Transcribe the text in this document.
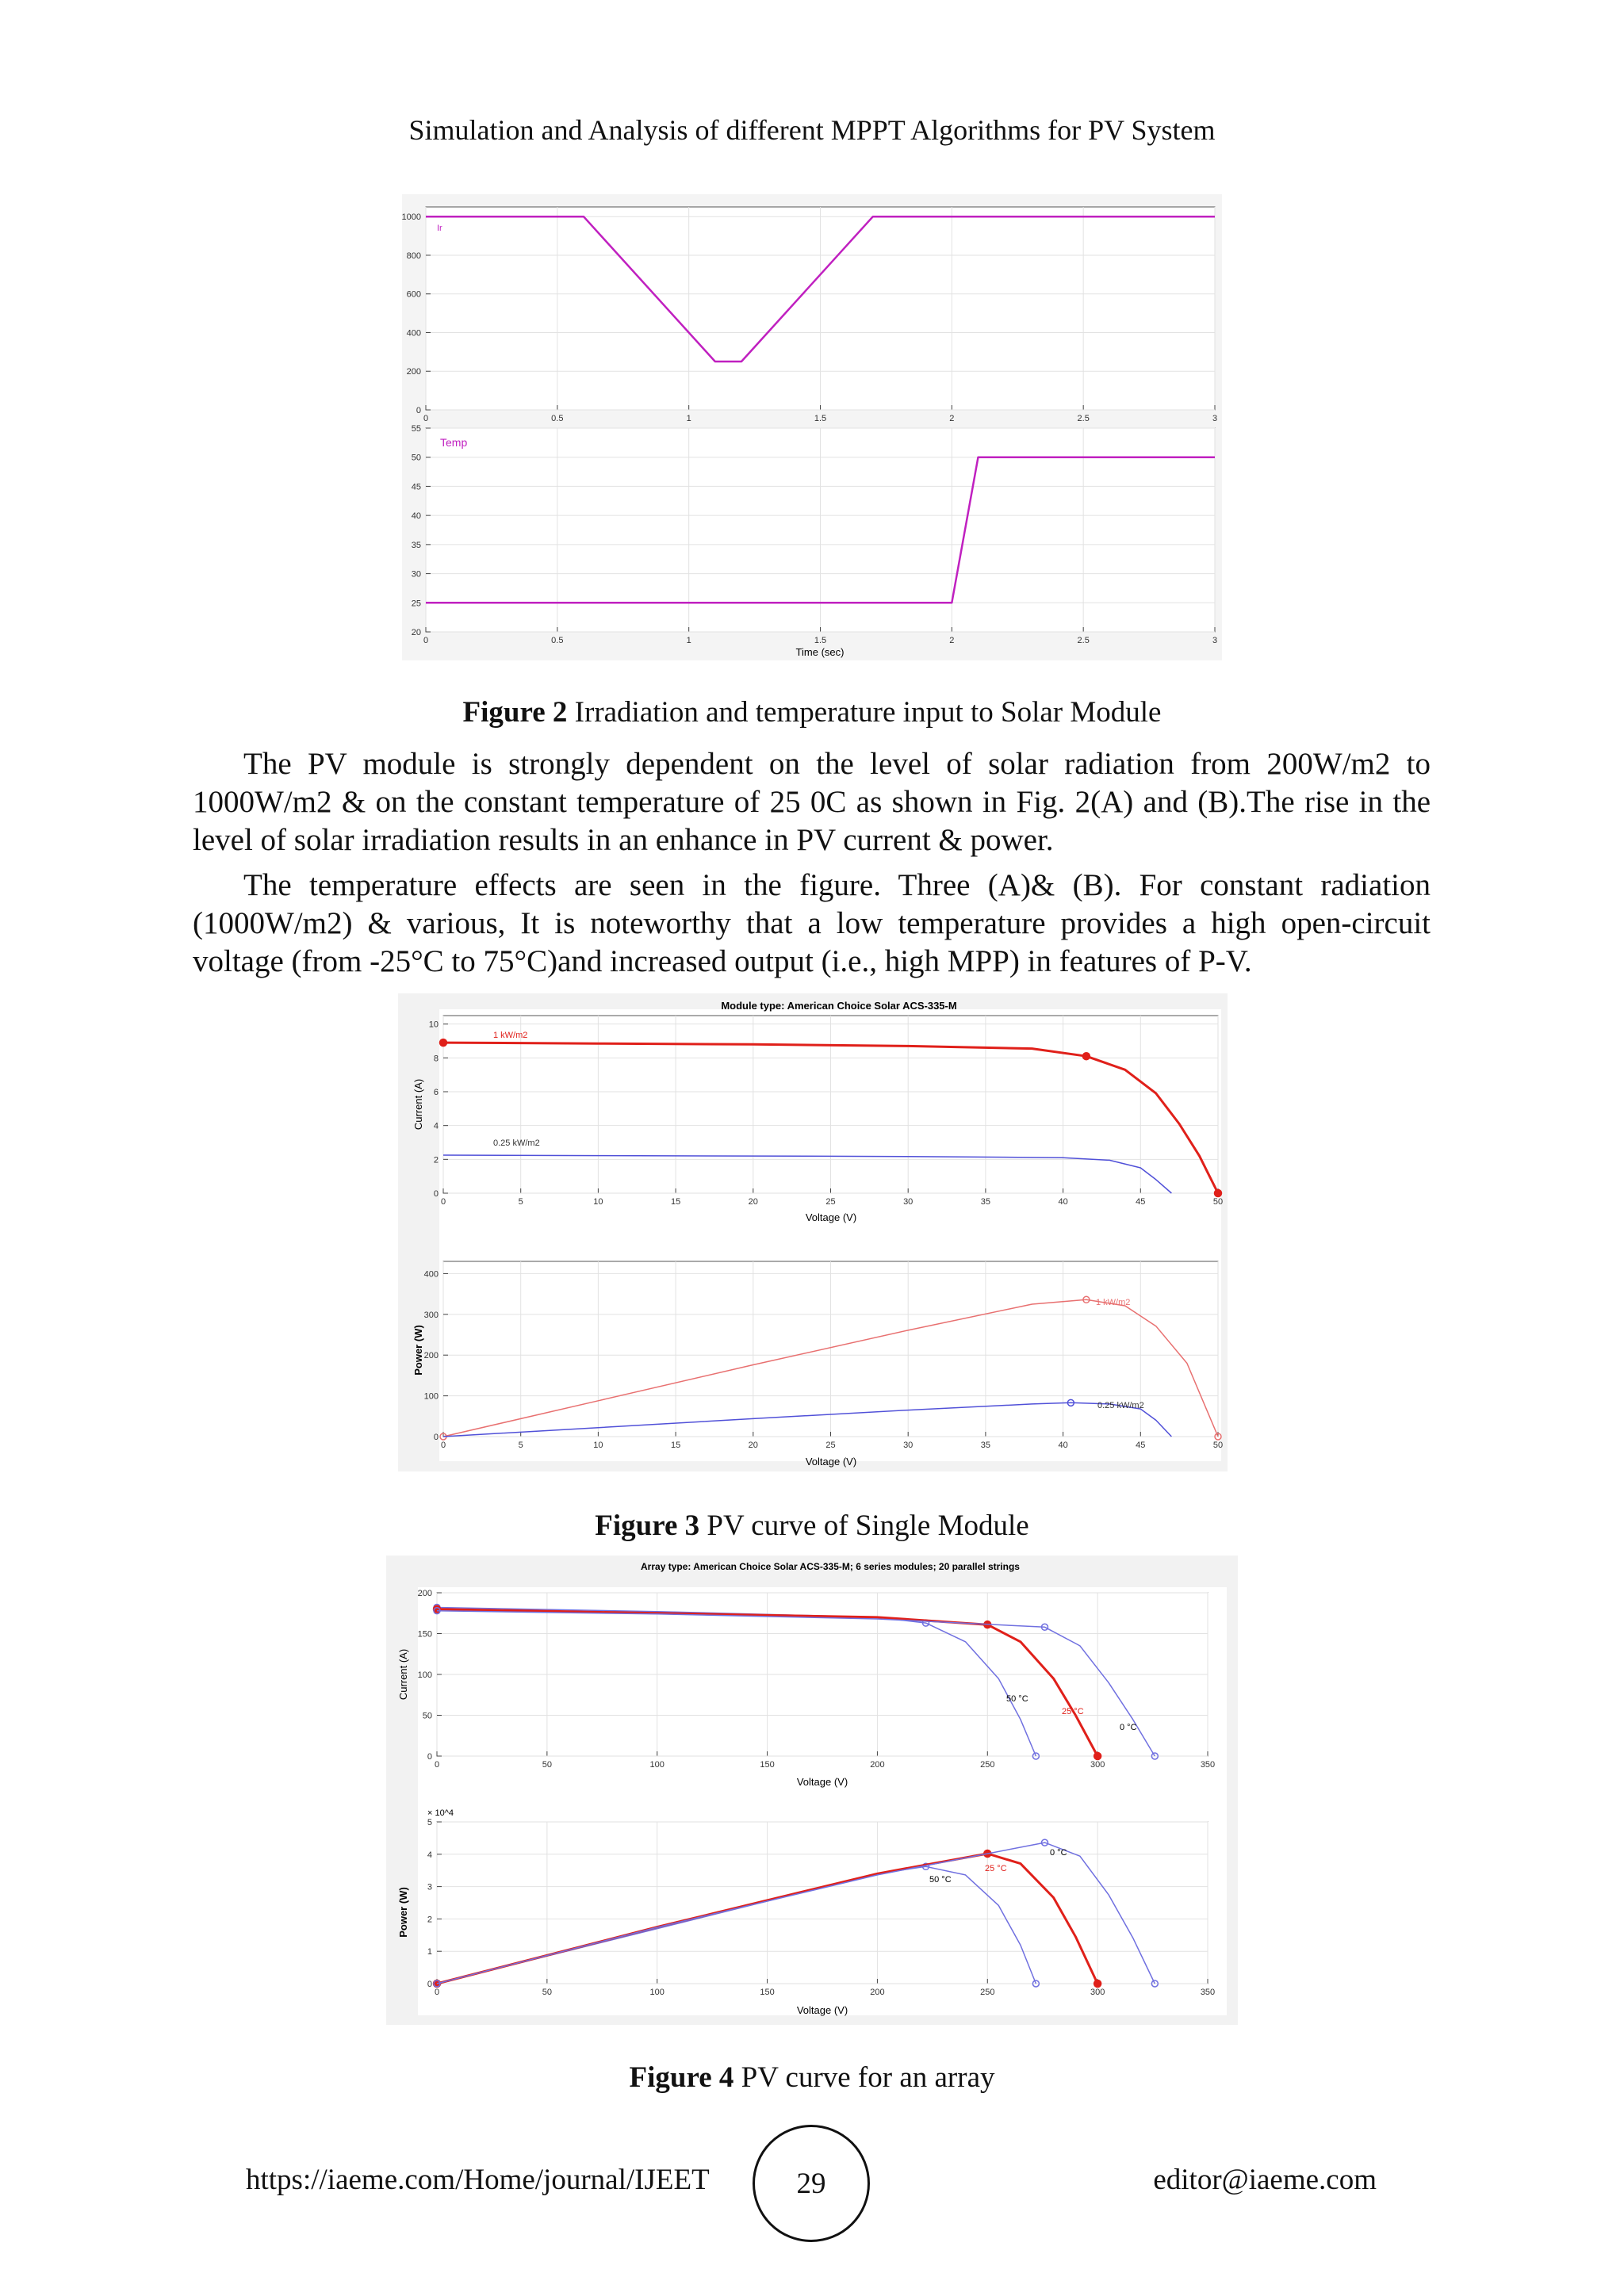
Simulation and Analysis of different MPPT Algorithms for PV System
0	0.5	1	1.5	2	2.5	3
0
200
400
600
800
1000
0	0.5	1	1.5	2	2.5	3
20
25
30
35
40
45
50
55
Ir
Temp
Time (sec)
Figure 2 Irradiation and temperature input to Solar Module

The PV module is strongly dependent on the level of solar radiation from 200W/m2 to 1000W/m2 & on the constant temperature of 25 0C as shown in Fig. 2(A) and (B).The rise in the level of solar irradiation results in an enhance in PV current & power.

The temperature effects are seen in the figure. Three (A)& (B). For constant radiation (1000W/m2) & various, It is noteworthy that a low temperature provides a high open-circuit voltage (from -25°C to 75°C)and increased output (i.e., high MPP) in features of P-V.

Module type: American Choice Solar ACS-335-M
0	5	10	15	20	25	30	35	40	45	50
0
2
4
6
8
10
0	5	10	15	20	25	30	35	40	45	50
0
100
200
300
400
Voltage (V)
Voltage (V)
Current (A)
Power (W)
1 kW/m2
0.25 kW/m2
1 kW/m2
0.25 kW/m2
Figure 3 PV curve of Single Module
Array type: American Choice Solar ACS-335-M; 6 series modules; 20 parallel strings
0	50	100	150	200	250	300	350
0
50
100
150
200
0	50	100	150	200	250	300	350
0
1
2
3
4
5
Voltage (V)
Voltage (V)
Current (A)
Power (W)
× 10^4
50 °C
25 °C
0 °C
50 °C
25 °C
0 °C
Figure 4 PV curve for an array
https://iaeme.com/Home/journal/IJEET	29	editor@iaeme.com
